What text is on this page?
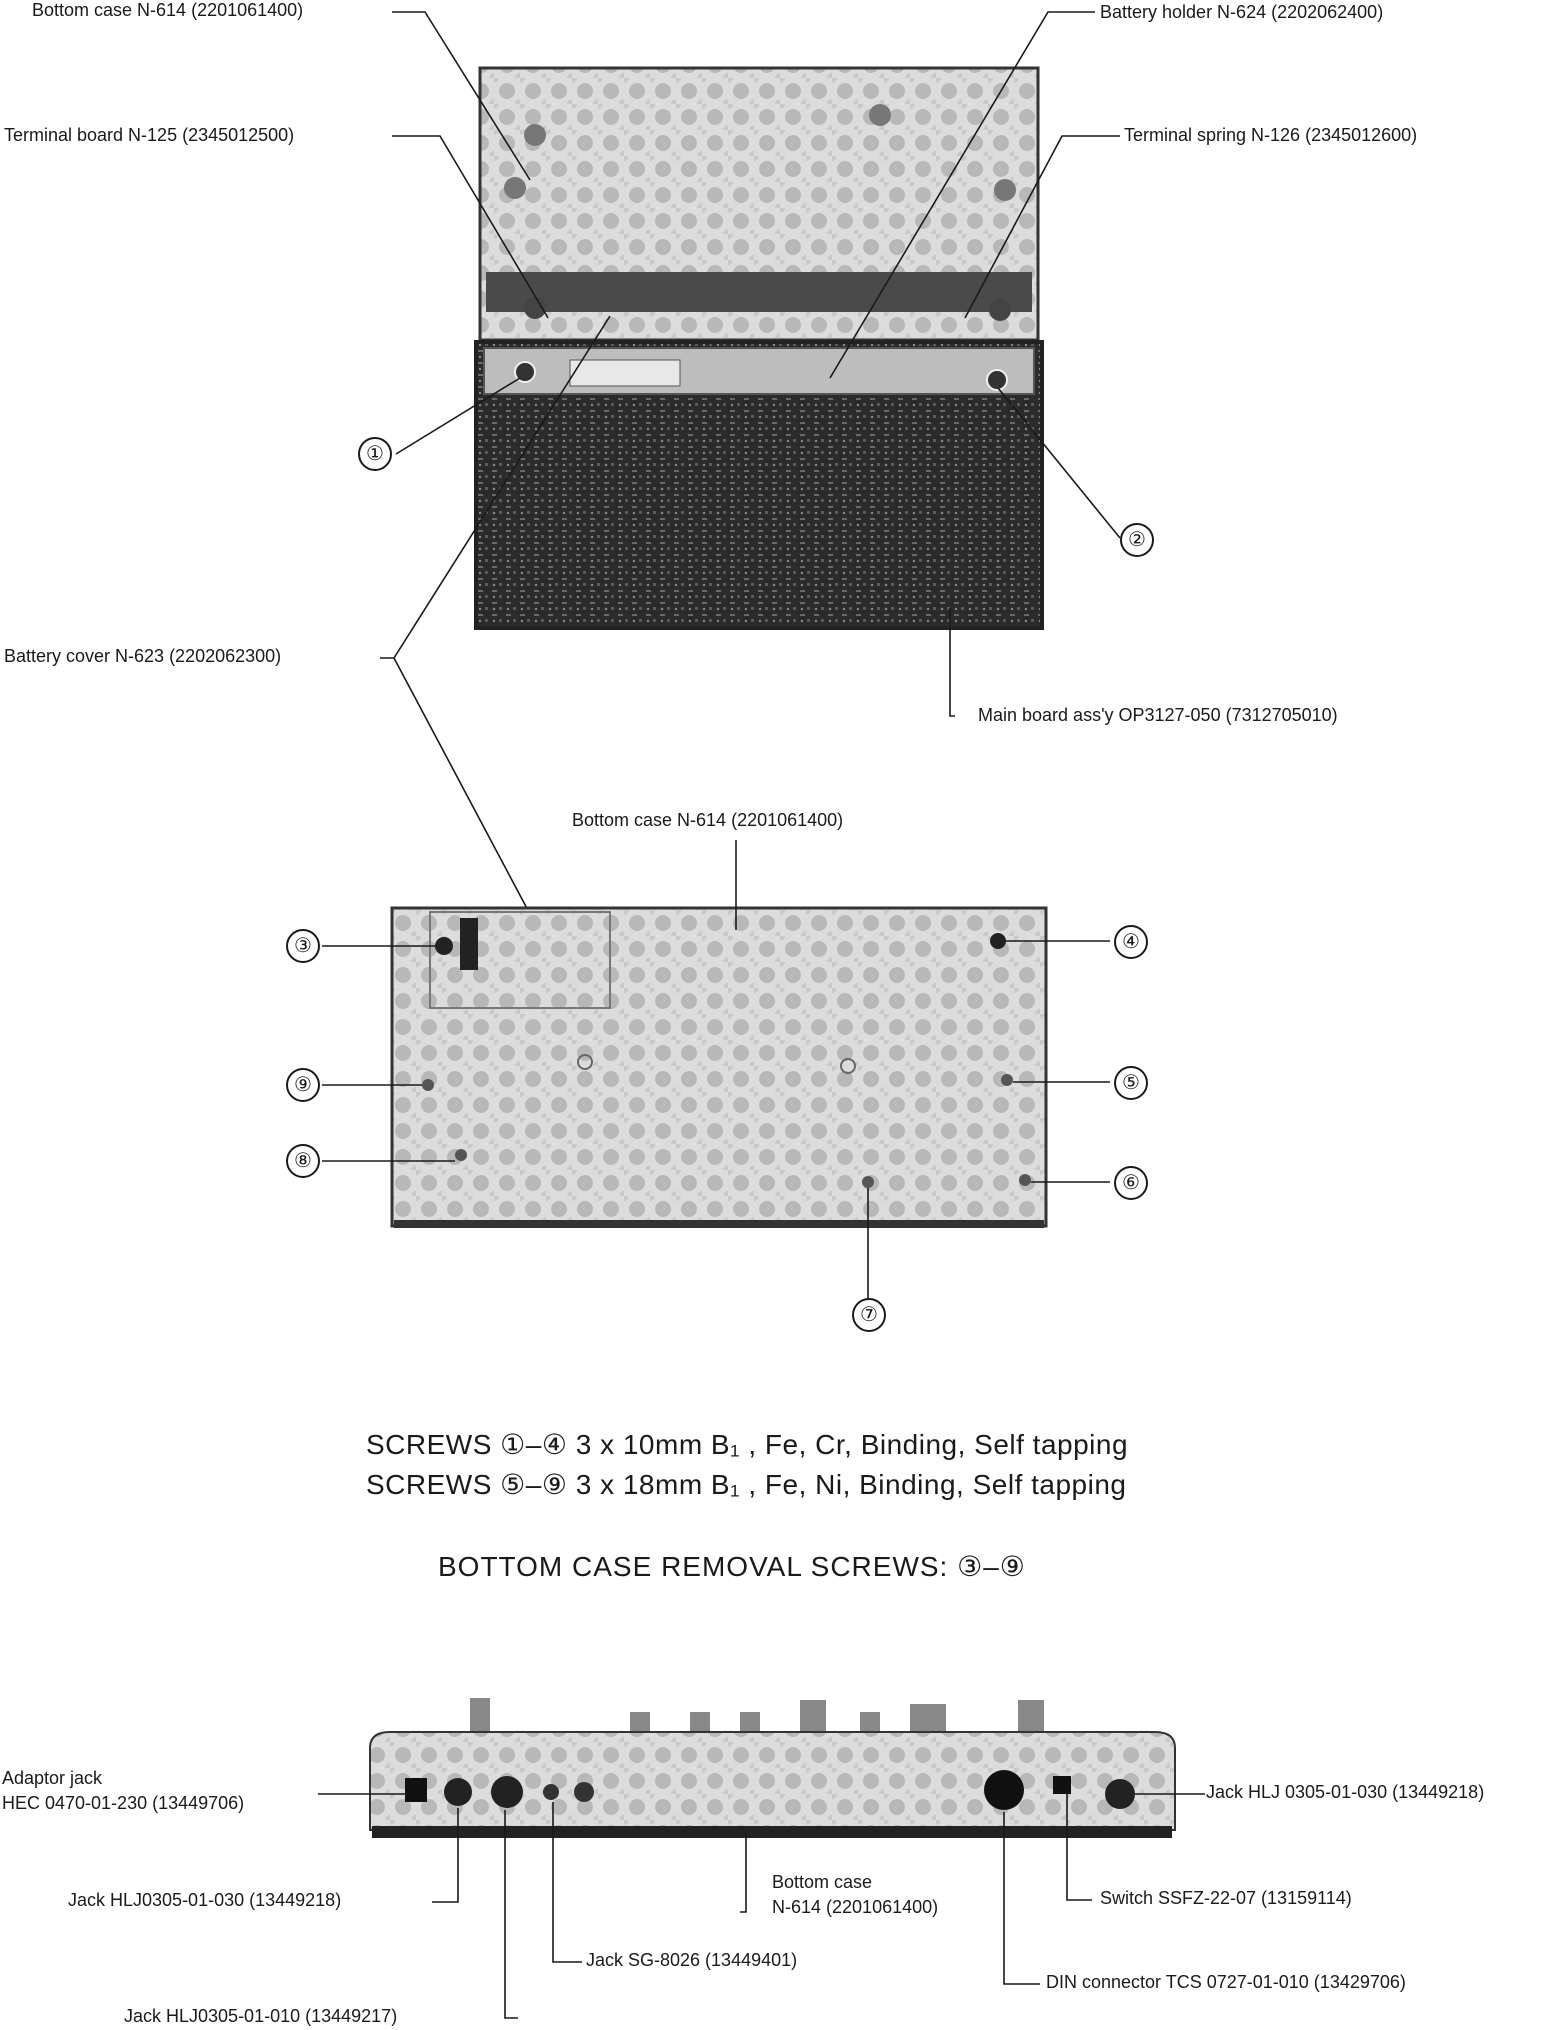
Bottom case N-614 (2201061400)	Battery holder N-624 (2202062400)
Terminal board N-125 (2345012500)	Terminal spring N-126 (2345012600)
Battery cover N-623 (2202062300)
Main board ass'y OP3127-050 (7312705010)
①
②
Bottom case N-614 (2201061400)
③	④
⑤
⑥
⑦
⑧
⑨
SCREWS ①–④ 3 x 10mm B₁ , Fe, Cr, Binding, Self tapping
SCREWS ⑤–⑨ 3 x 18mm B₁ , Fe, Ni, Binding, Self tapping
BOTTOM CASE REMOVAL SCREWS: ③–⑨
Adaptor jack
HEC 0470-01-230 (13449706)
Jack HLJ 0305-01-030 (13449218)
Jack HLJ0305-01-030 (13449218)
Bottom case
N-614 (2201061400)	Switch SSFZ-22-07 (13159114)
Jack SG-8026 (13449401)
DIN connector TCS 0727-01-010 (13429706)
Jack HLJ0305-01-010 (13449217)
